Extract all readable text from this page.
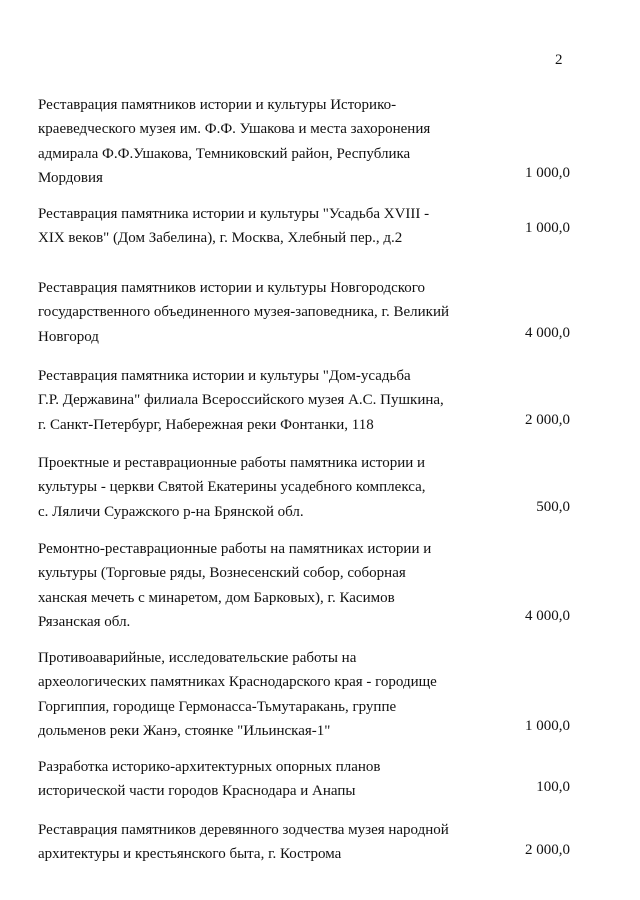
2
Реставрация памятников истории и культуры Историко-
краеведческого музея им. Ф.Ф. Ушакова и места захоронения
адмирала Ф.Ф.Ушакова, Темниковский район, Республика
Мордовия	1 000,0
Реставрация памятника истории и культуры "Усадьба XVIII -
XIX веков" (Дом Забелина), г. Москва, Хлебный пер., д.2
1 000,0
Реставрация памятников истории и культуры Новгородского
государственного объединенного музея-заповедника, г. Великий
Новгород	4 000,0
Реставрация памятника истории и культуры "Дом-усадьба
Г.Р. Державина" филиала Всероссийского музея А.С. Пушкина,
г. Санкт-Петербург, Набережная реки Фонтанки, 118	2 000,0
Проектные и реставрационные работы памятника истории и
культуры - церкви Святой Екатерины усадебного комплекса,
с. Ляличи Суражского р-на Брянской обл.	500,0
Ремонтно-реставрационные работы на памятниках истории и
культуры (Торговые ряды, Вознесенский собор, соборная
ханская мечеть с минаретом, дом Барковых), г. Касимов
Рязанская обл.	4 000,0
Противоаварийные, исследовательские работы на
археологических памятниках Краснодарского края - городище
Горгиппия, городище Гермонасса-Тьмутаракань, группе
дольменов реки Жанэ, стоянке "Ильинская-1"	1 000,0
Разработка историко-архитектурных опорных планов
исторической части городов Краснодара и Анапы	100,0
Реставрация памятников деревянного зодчества музея народной
архитектуры и крестьянского быта, г. Кострома	2 000,0
